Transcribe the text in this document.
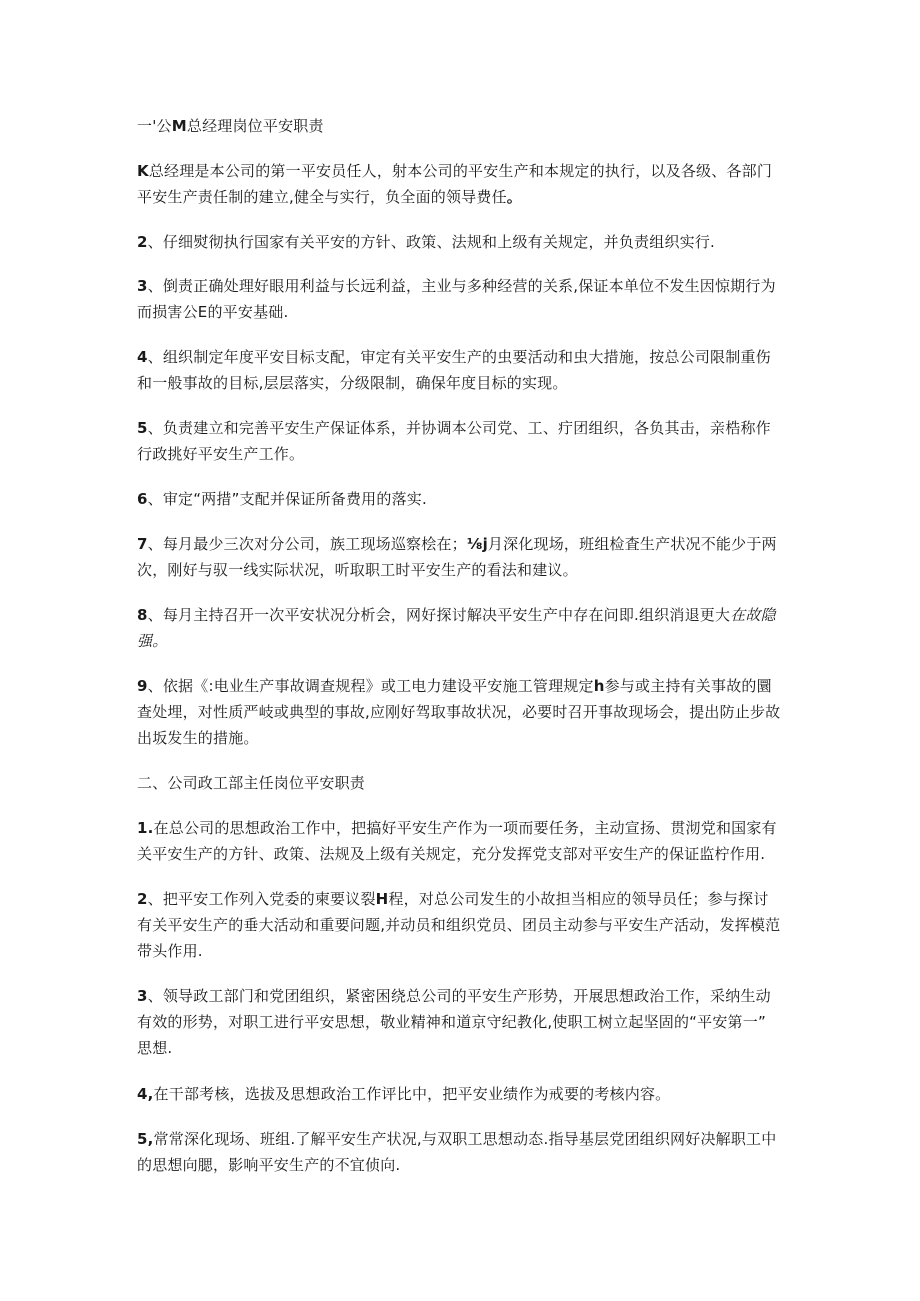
一'公M总经理岗位平安职责
K总经理是本公司的第一平安员任人，射本公司的平安生产和本规定的执行，以及各级、各部门
平安生产责任制的建立,健全与实行，负全面的领导费任。
2、仔细熨彻执行国家有关平安的方针、政策、法规和上级有关规定，并负责组织实行.
3、倒责正确处理好眼用利益与长远利益，主业与多种经营的关系,保证本单位不发生因惊期行为
而损害公E的平安基础.
4、组织制定年度平安目标支配，审定有关平安生产的虫要活动和虫大措施，按总公司限制重伤
和一般事故的目标,层层落实，分级限制，确保年度目标的实现。
5、负责建立和完善平安生产保证体系，并协调本公司党、工、疔团组织，各负其击，亲梏称作
行政挑好平安生产工作。
6、审定“两措”支配并保证所备费用的落实.
7、每月最少三次对分公司，族工现场巡察桧在；⅛j月深化现场，班组检査生产状况不能少于两
次，刚好与驭一线实际状况，听取职工时平安生产的看法和建议。
8、每月主持召开一次平安状况分析会，网好探讨解决平安生产中存在问即.组织消退更大在故隐
强。
9、依据《:电业生产事故调查规程》或工电力建设平安施工管理规定h参与或主持有关事故的圜
查处埋，对性质严岐或典型的事故,应刚好驾取事故状况，必要时召开事故现场会，提出防止步故
出坂发生的措施。
二、公司政工部主任岗位平安职责
1.在总公司的思想政治工作中，把搞好平安生产作为一项而要任务，主动宣扬、贯沏党和国家有
关平安生产的方针、政策、法规及上级有关规定，充分发挥党支部对平安生产的保证监柠作用.
2、把平安工作列入党委的柬要议裂H程，对总公司发生的小故担当相应的领导员任；参与探讨
有关平安生产的垂大活动和重要问题,并动员和组织党员、团员主动参与平安生产活动，发挥模范
带头作用.
3、领导政工部门和党团组织，紧密困绕总公司的平安生产形势，开展思想政治工作，采纳生动
有效的形势，对职工进行平安思想，敬业精神和道京守纪教化,使职工树立起坚固的“平安第一”
思想.
4,在干部考核，选拔及思想政治工作评比中，把平安业绩作为戒要的考核内容。
5,常常深化现场、班组.了解平安生产状况,与双职工思想动态.指导基层党团组织网好决解职工中
的思想向腮，影响平安生产的不宜侦向.
